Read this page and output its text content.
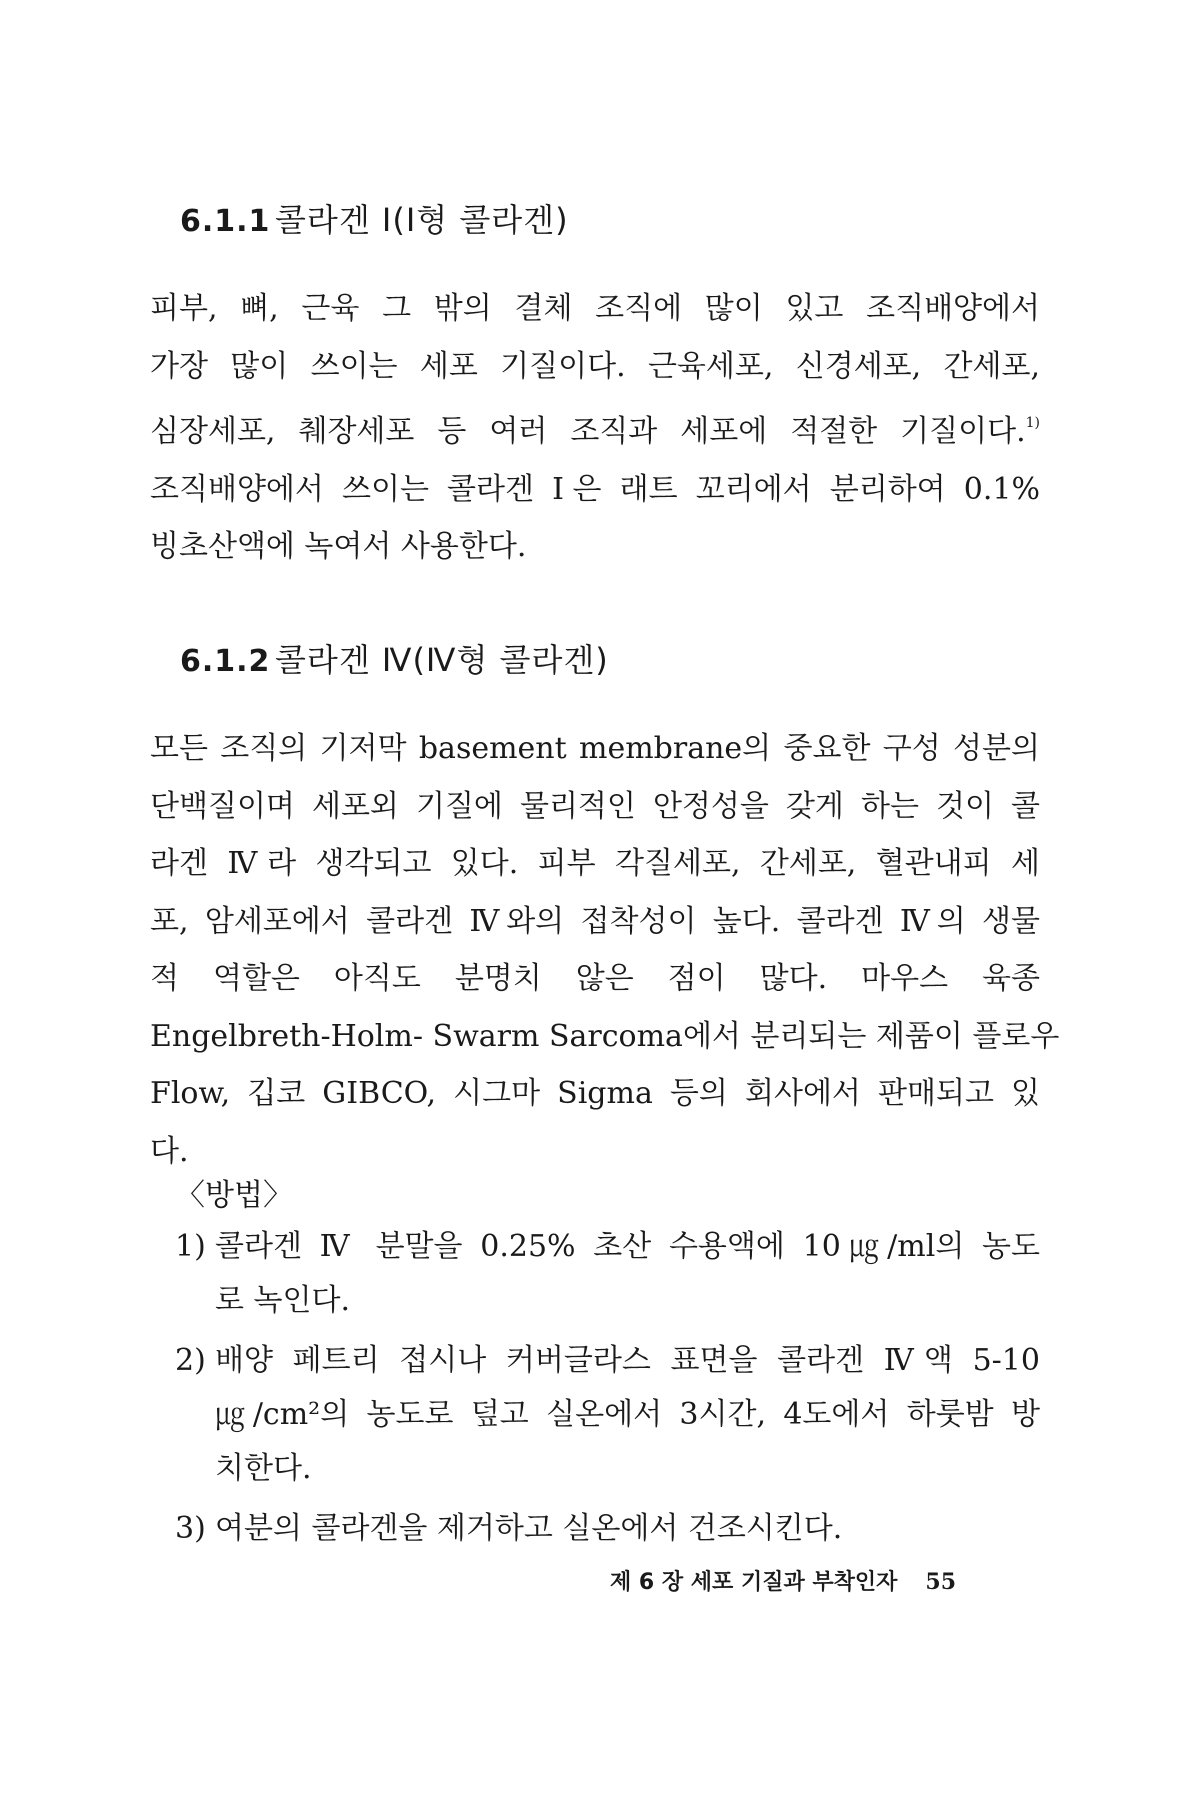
6.1.1 콜라겐 Ⅰ(Ⅰ형 콜라겐)
피부, 뼈, 근육 그 밖의 결체 조직에 많이 있고 조직배양에서
가장 많이 쓰이는 세포 기질이다. 근육세포, 신경세포, 간세포,
심장세포, 췌장세포 등 여러 조직과 세포에 적절한 기질이다.$^{1)}$
조직배양에서 쓰이는 콜라겐 Ⅰ은 래트 꼬리에서 분리하여 0.1%
빙초산액에 녹여서 사용한다.
6.1.2 콜라겐 Ⅳ(Ⅳ형 콜라겐)
모든 조직의 기저막 basement membrane의 중요한 구성 성분의
단백질이며 세포외 기질에 물리적인 안정성을 갖게 하는 것이 콜
라겐 Ⅳ라 생각되고 있다. 피부 각질세포, 간세포, 혈관내피 세
포, 암세포에서 콜라겐 Ⅳ와의 접착성이 높다. 콜라겐 Ⅳ의 생물
적 역할은 아직도 분명치 않은 점이 많다. 마우스 육종
Engelbreth-Holm- Swarm Sarcoma에서 분리되는 제품이 플로우
Flow, 깁코 GIBCO, 시그마 Sigma 등의 회사에서 판매되고 있
다.
〈방법〉
1) 콜라겐 Ⅳ 분말을 0.25% 초산 수용액에 10㎍/ml의 농도
로 녹인다.
2) 배양 페트리 접시나 커버글라스 표면을 콜라겐 Ⅳ액 5-10
㎍/cm²의 농도로 덮고 실온에서 3시간, 4도에서 하룻밤 방
치한다.
3) 여분의 콜라겐을 제거하고 실온에서 건조시킨다.
제 6 장 세포 기질과 부착인자 55
